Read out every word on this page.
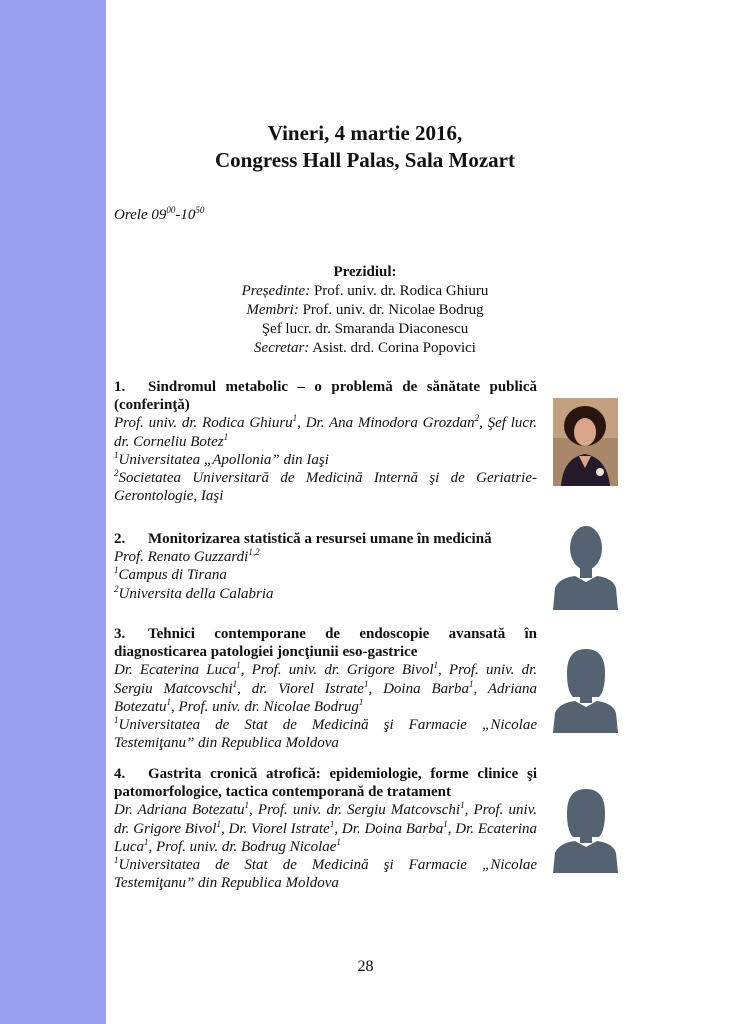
Vineri, 4 martie 2016,
Congress Hall Palas, Sala Mozart
Orele $09^{00}-10^{50}$
Prezidiul:
Președinte: Prof. univ. dr. Rodica Ghiuru
Membri: Prof. univ. dr. Nicolae Bodrug
Şef lucr. dr. Smaranda Diaconescu
Secretar: Asist. drd. Corina Popovici
1. Sindromul metabolic – o problemă de sănătate publică (conferinţă)
Prof. univ. dr. Rodica Ghiuru$^1$, Dr. Ana Minodora Grozdan$^2$, Şef lucr. dr. Corneliu Botez$^1$
$^1$Universitatea „Apollonia” din Iaşi
$^2$Societatea Universitară de Medicină Internă şi de Geriatrie-Gerontologie, Iaşi
2. Monitorizarea statistică a resursei umane în medicină
Prof. Renato Guzzardi$^{1,2}$
$^1$Campus di Tirana
$^2$Universita della Calabria
3. Tehnici contemporane de endoscopie avansată în diagnosticarea patologiei joncţiunii eso-gastrice
Dr. Ecaterina Luca$^1$, Prof. univ. dr. Grigore Bivol$^1$, Prof. univ. dr. Sergiu Matcovschi$^1$, dr. Viorel Istrate$^1$, Doina Barba$^1$, Adriana Botezatu$^1$, Prof. univ. dr. Nicolae Bodrug$^1$
$^1$Universitatea de Stat de Medicină şi Farmacie „Nicolae Testemiţanu” din Republica Moldova
4. Gastrita cronică atrofică: epidemiologie, forme clinice şi patomorfologice, tactica contemporană de tratament
Dr. Adriana Botezatu$^1$, Prof. univ. dr. Sergiu Matcovschi$^1$, Prof. univ. dr. Grigore Bivol$^1$, Dr. Viorel Istrate$^1$, Dr. Doina Barba$^1$, Dr. Ecaterina Luca$^1$, Prof. univ. dr. Bodrug Nicolae$^1$
$^1$Universitatea de Stat de Medicină şi Farmacie „Nicolae Testemiţanu” din Republica Moldova
28
